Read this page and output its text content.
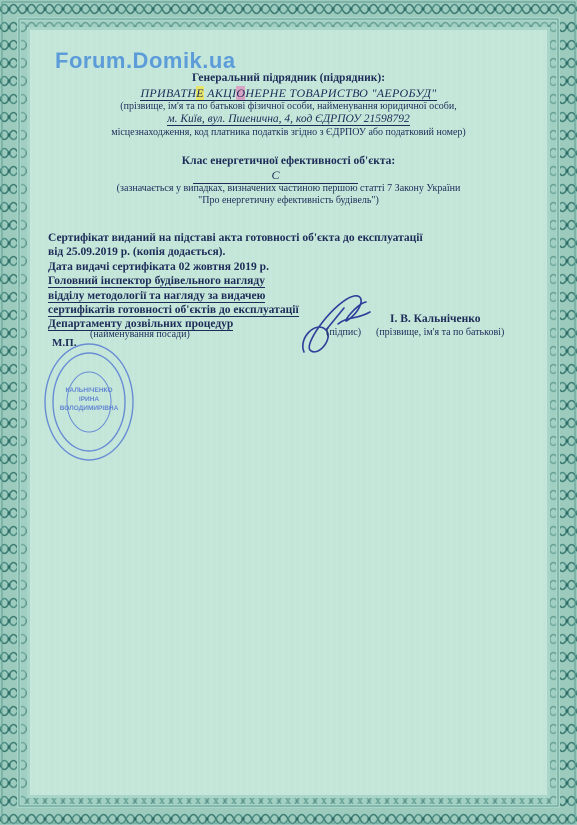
Forum.Domik.ua
Генеральний підрядник (підрядник):
ПРИВАТНЕ АКЦІОНЕРНЕ ТОВАРИСТВО "АЕРОБУД"
(прізвище, ім'я та по батькові фізичної особи, найменування юридичної особи,
м. Київ, вул. Пшенична, 4, код ЄДРПОУ 21598792
місцезнаходження, код платника податків згідно з ЄДРПОУ або податковий номер)
Клас енергетичної ефективності об'єкта:
С
(зазначається у випадках, визначених частиною першою статті 7 Закону України
"Про енергетичну ефективність будівель")
Сертифікат виданий на підставі акта готовності об'єкта до експлуатації
від 25.09.2019 р. (копія додається).
Дата видачі сертифіката 02 жовтня 2019 р.
Головний інспектор будівельного нагляду
відділу методології та нагляду за видачею
сертифікатів готовності об'єктів до експлуатації
Департаменту дозвільних процедур
(найменування посади)
М.П.
(підпис)
І. В. Кальніченко
(прізвище, ім'я та по батькові)
КАЛЬНІЧЕНКО
ІРИНА
ВОЛОДИМИРІВНА
